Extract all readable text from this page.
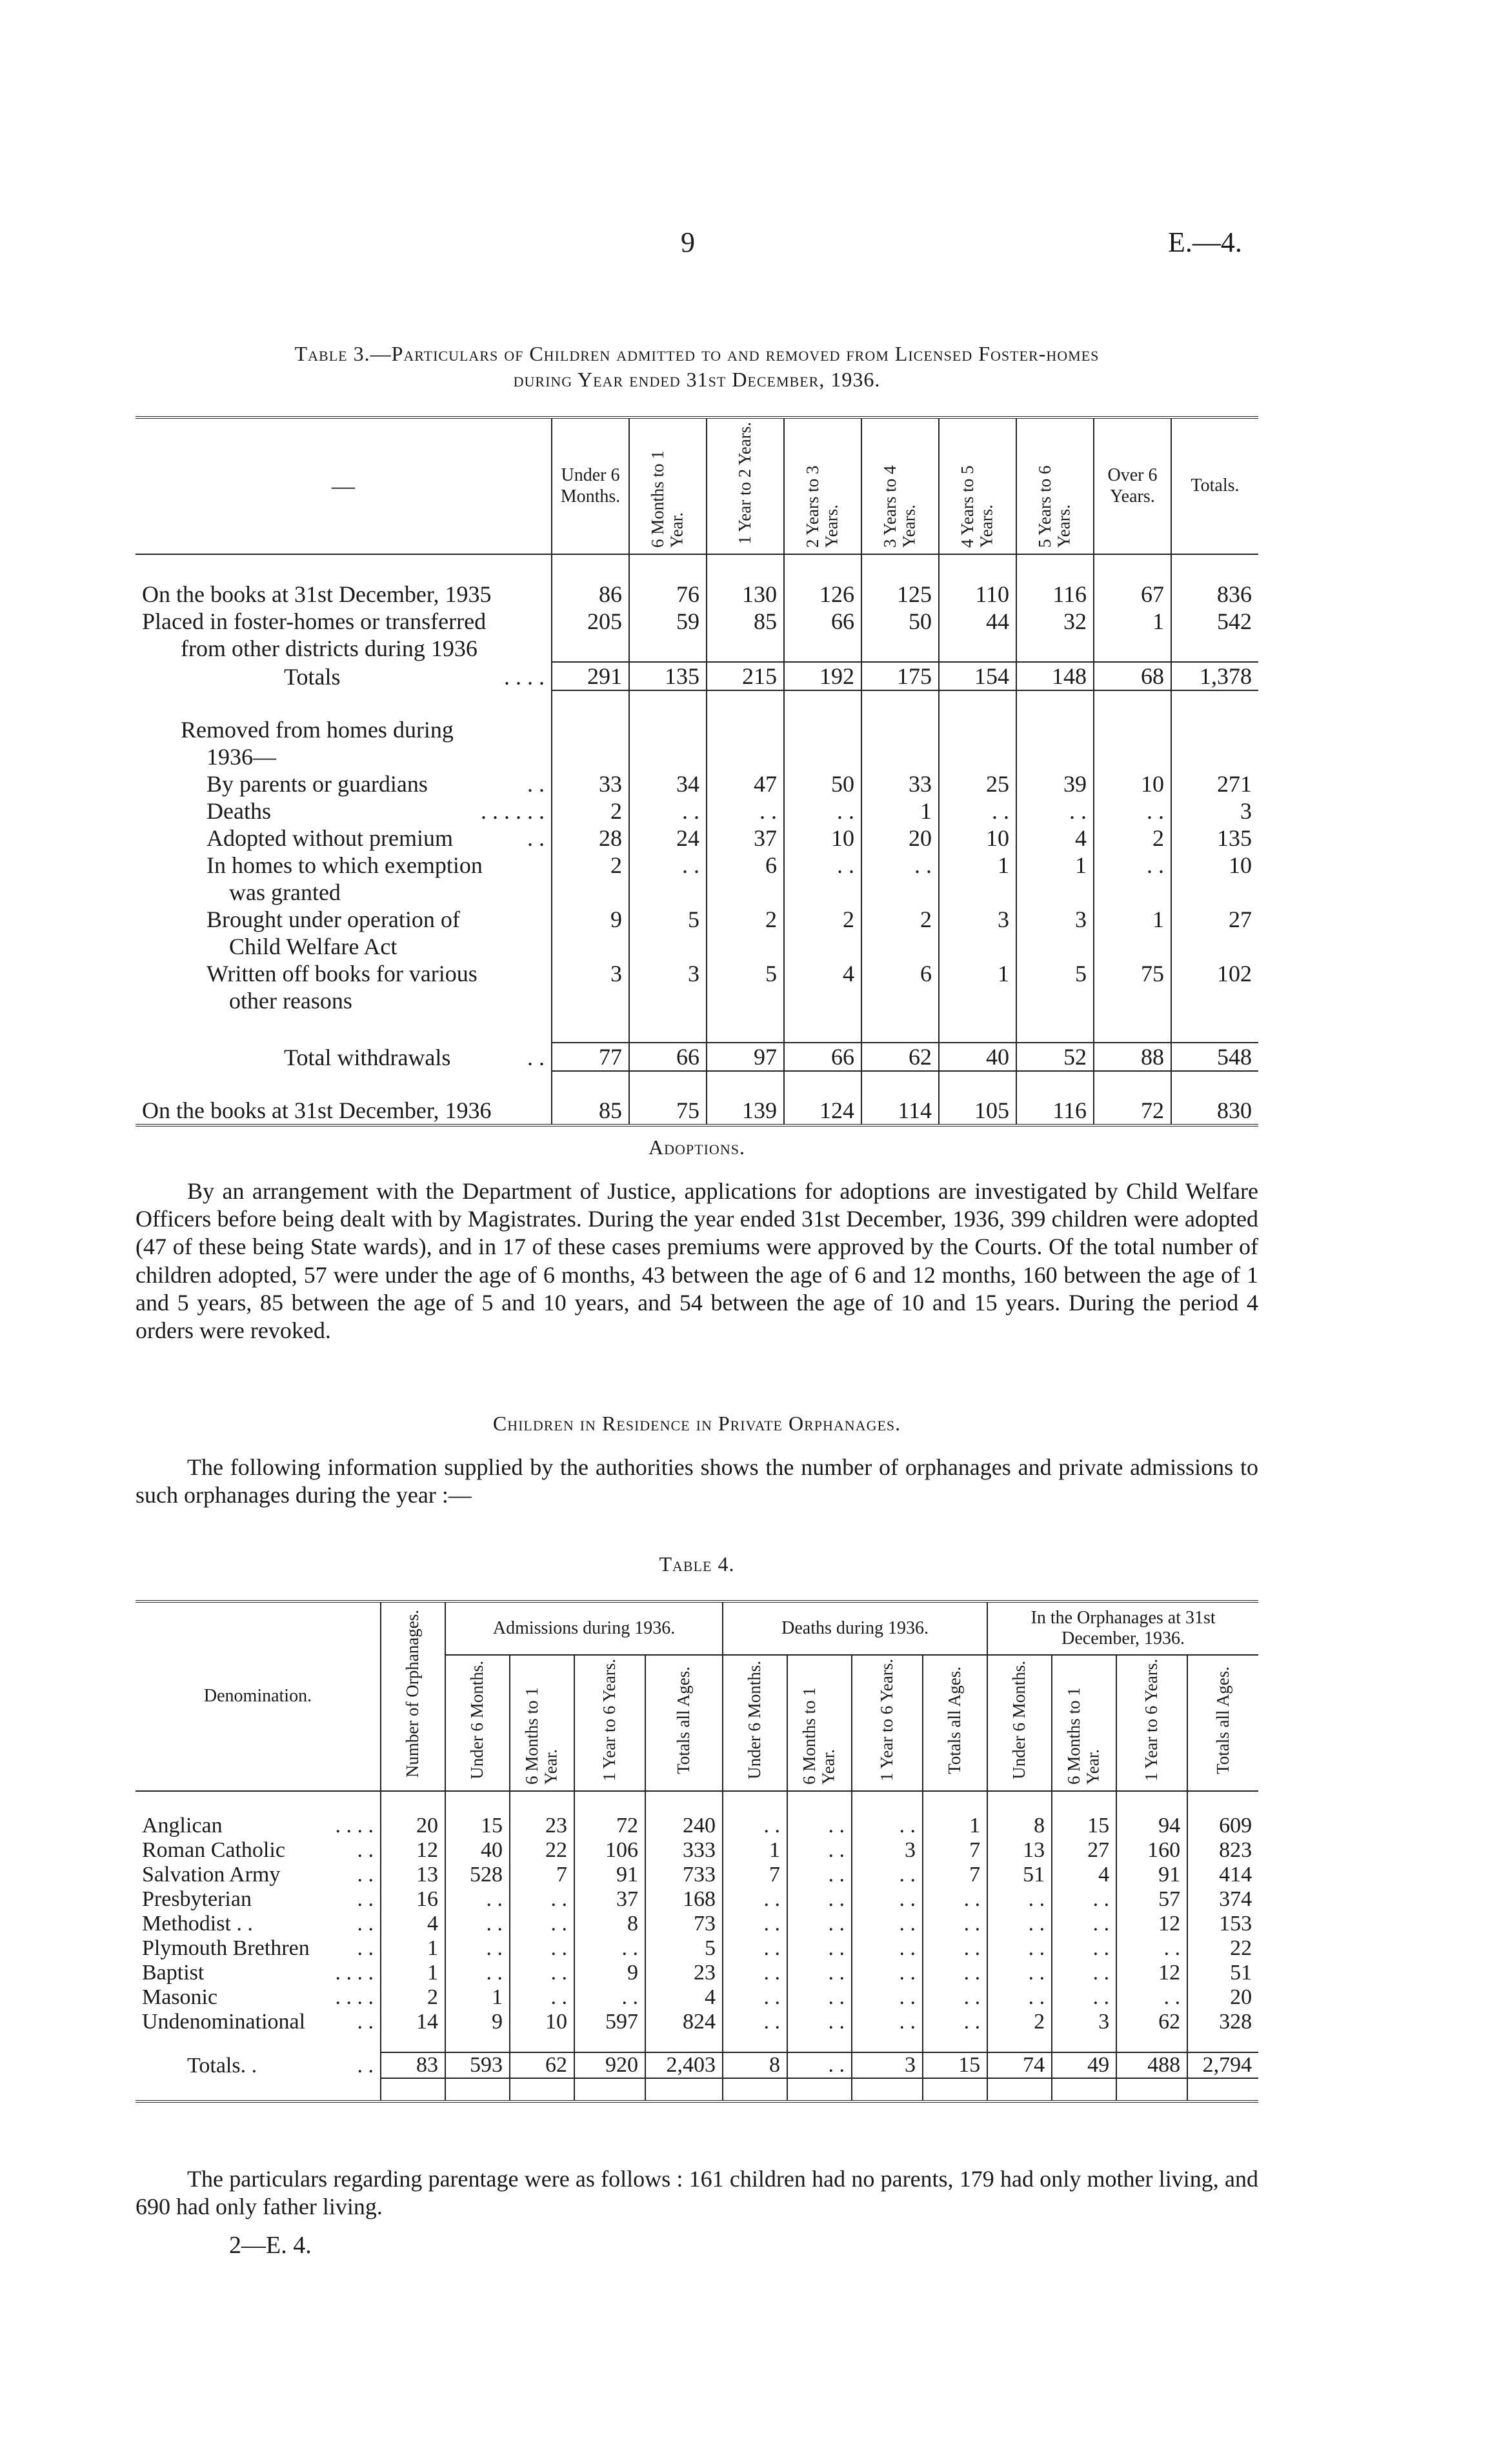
9	E.—4.
Table 3.—Particulars of Children admitted to and removed from Licensed Foster-homes
during Year ended 31st December, 1936.
—	Under 6 Months.	6 Months to 1 Year.	1 Year to 2 Years.	2 Years to 3 Years.	3 Years to 4 Years.	4 Years to 5 Years.	5 Years to 6 Years.	Over 6 Years.	Totals.

On the books at 31st December, 1935	86	76	130	126	125	110	116	67	836
Placed in foster-homes or transferred	205	59	85	66	50	44	32	1	542
from other districts during 1936									
Totals . . . .	291	135	215	192	175	154	148	68	1,378

Removed from homes during									
1936—									
By parents or guardians . .	33	34	47	50	33	25	39	10	271
Deaths . . . . . .	2	. .	. .	. .	1	. .	. .	. .	3
Adopted without premium . .	28	24	37	10	20	10	4	2	135
In homes to which exemption	2	. .	6	. .	. .	1	1	. .	10
was granted									
Brought under operation of	9	5	2	2	2	3	3	1	27
Child Welfare Act									
Written off books for various	3	3	5	4	6	1	5	75	102
other reasons									

Total withdrawals . .	77	66	97	66	62	40	52	88	548

On the books at 31st December, 1936	85	75	139	124	114	105	116	72	830
Adoptions.
By an arrangement with the Department of Justice, applications for adoptions are investigated by Child Welfare Officers before being dealt with by Magistrates. During the year ended 31st December, 1936, 399 children were adopted (47 of these being State wards), and in 17 of these cases premiums were approved by the Courts. Of the total number of children adopted, 57 were under the age of 6 months, 43 between the age of 6 and 12 months, 160 between the age of 1 and 5 years, 85 between the age of 5 and 10 years, and 54 between the age of 10 and 15 years. During the period 4 orders were revoked.
Children in Residence in Private Orphanages.
The following information supplied by the authorities shows the number of orphanages and private admissions to such orphanages during the year :—
Table 4.
Denomination.	Number of Orphanages.	Admissions during 1936.				Deaths during 1936.				In the Orphanages at 31st December, 1936.			
		Under 6 Months.	6 Months to 1 Year.	1 Year to 6 Years.	Totals all Ages.	Under 6 Months.	6 Months to 1 Year.	1 Year to 6 Years.	Totals all Ages.	Under 6 Months.	6 Months to 1 Year.	1 Year to 6 Years.	Totals all Ages.

Anglican . . . .	20	15	23	72	240	. .	. .	. .	1	8	15	94	609
Roman Catholic . .	12	40	22	106	333	1	. .	3	7	13	27	160	823
Salvation Army . .	13	528	7	91	733	7	. .	. .	7	51	4	91	414
Presbyterian . .	16	. .	. .	37	168	. .	. .	. .	. .	. .	. .	57	374
Methodist . . . .	4	. .	. .	8	73	. .	. .	. .	. .	. .	. .	12	153
Plymouth Brethren . .	1	. .	. .	. .	5	. .	. .	. .	. .	. .	. .	. .	22
Baptist . . . .	1	. .	. .	9	23	. .	. .	. .	. .	. .	. .	12	51
Masonic . . . .	2	1	. .	. .	4	. .	. .	. .	. .	. .	. .	. .	20
Undenominational . .	14	9	10	597	824	. .	. .	. .	. .	2	3	62	328

Totals. . . .	83	593	62	920	2,403	8	. .	3	15	74	49	488	2,794

The particulars regarding parentage were as follows : 161 children had no parents, 179 had only mother living, and 690 had only father living.
2—E. 4.
